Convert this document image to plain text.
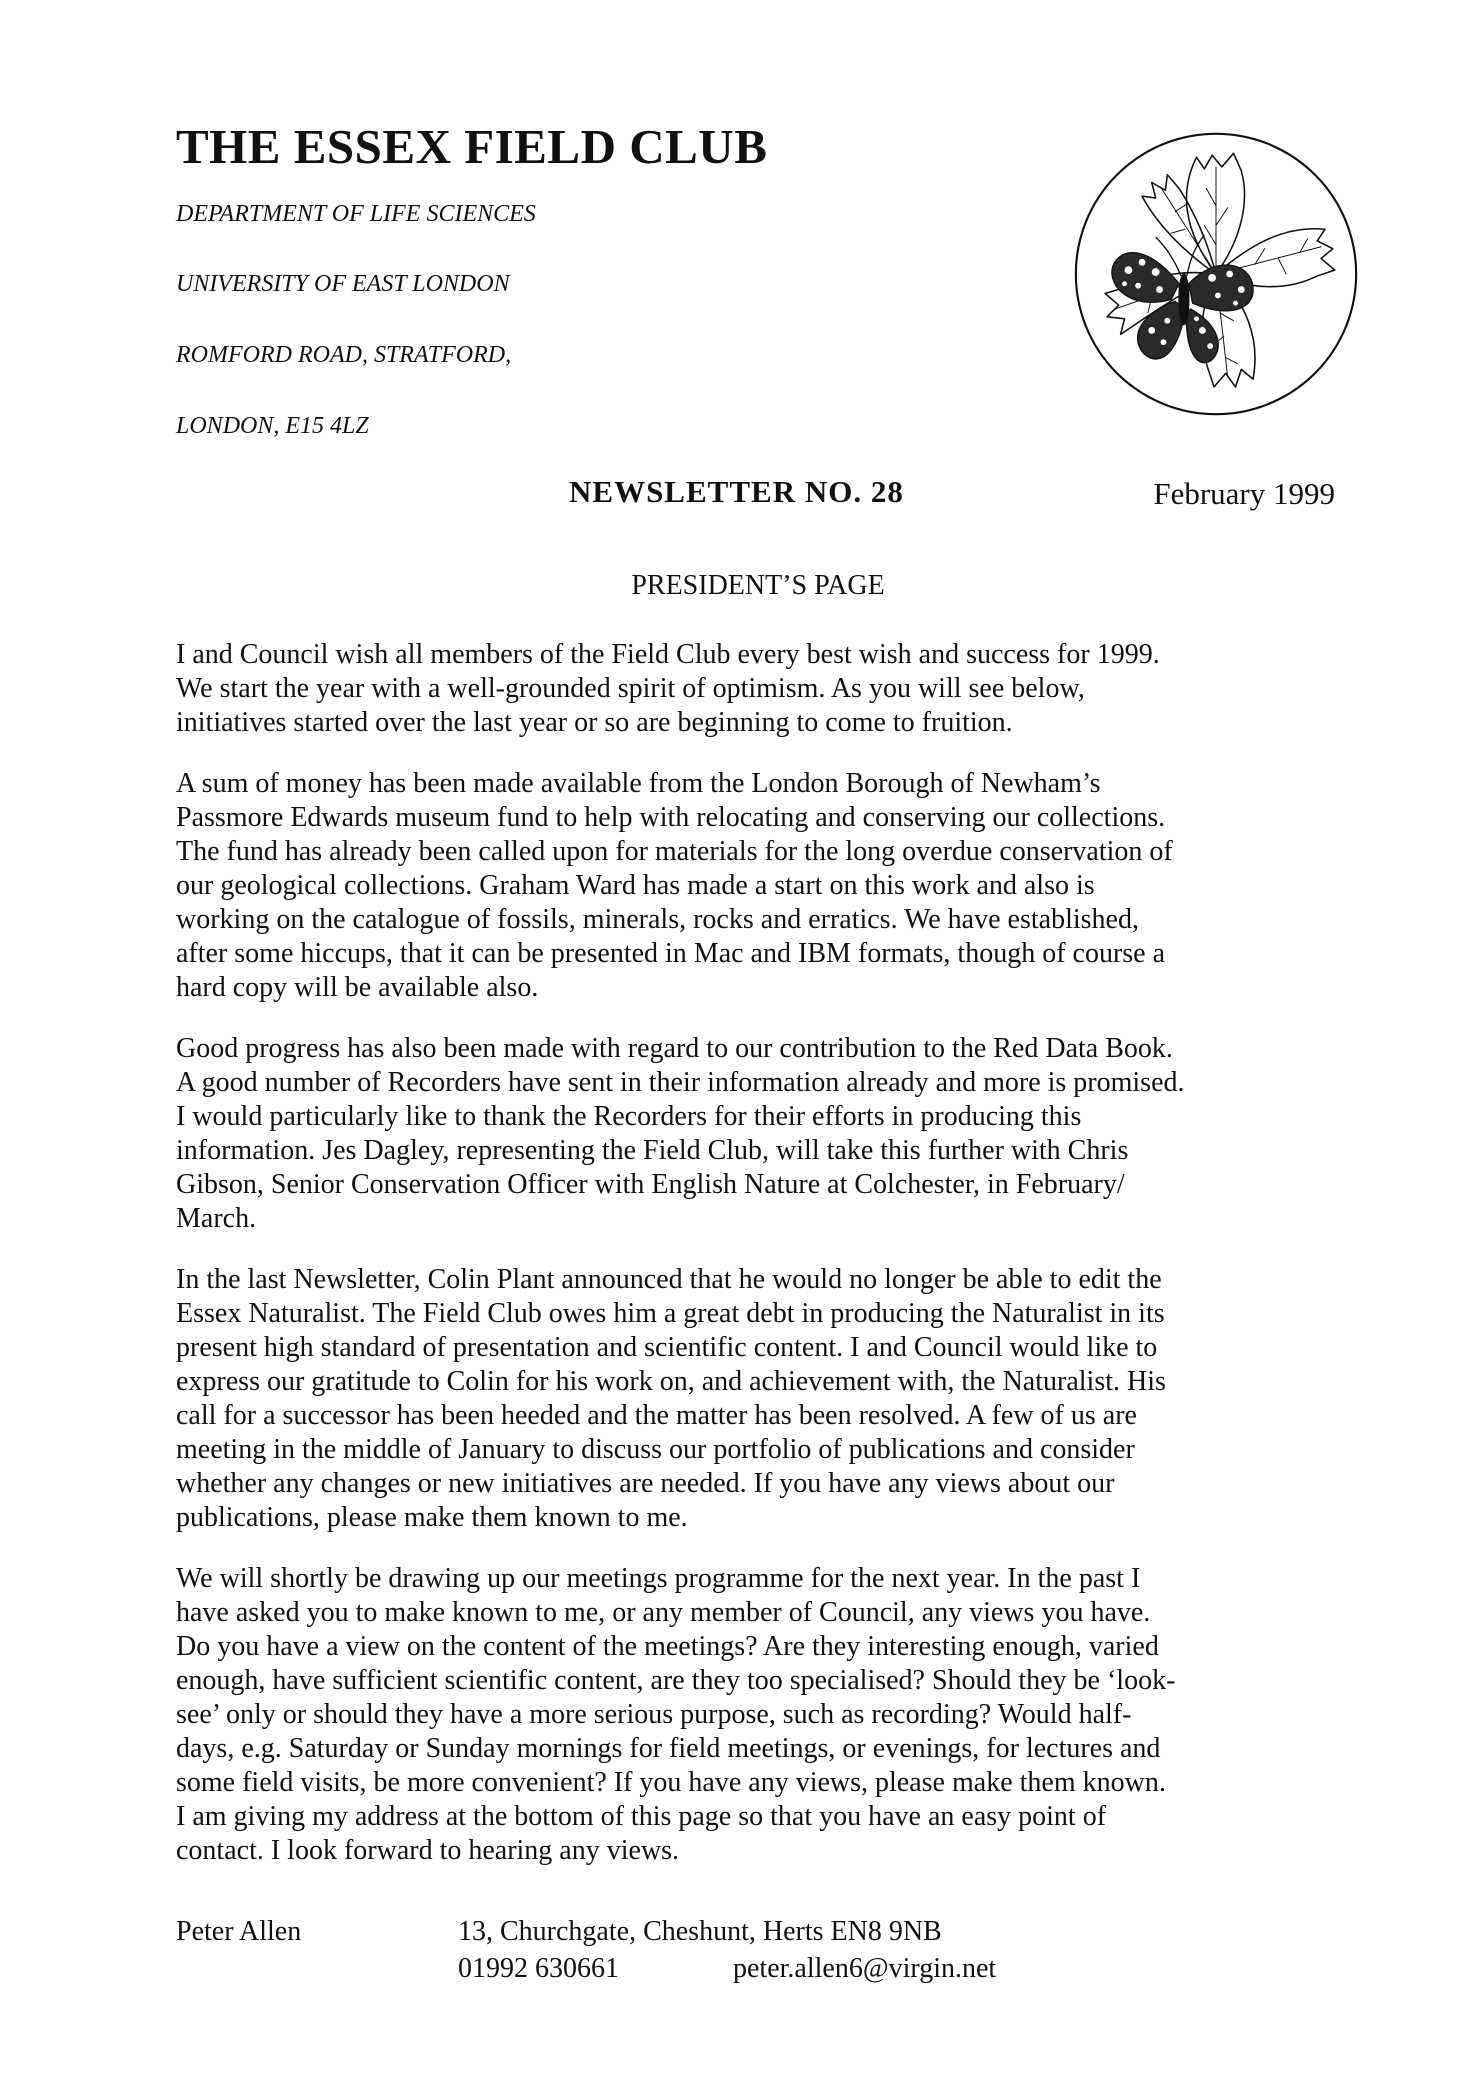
THE ESSEX FIELD CLUB
DEPARTMENT OF LIFE SCIENCES
UNIVERSITY OF EAST LONDON
ROMFORD ROAD, STRATFORD,
LONDON, E15 4LZ
NEWSLETTER NO. 28	February 1999
PRESIDENT’S PAGE

I and Council wish all members of the Field Club every best wish and success for 1999.
We start the year with a well-grounded spirit of optimism. As you will see below,
initiatives started over the last year or so are beginning to come to fruition.

A sum of money has been made available from the London Borough of Newham’s
Passmore Edwards museum fund to help with relocating and conserving our collections.
The fund has already been called upon for materials for the long overdue conservation of
our geological collections. Graham Ward has made a start on this work and also is
working on the catalogue of fossils, minerals, rocks and erratics. We have established,
after some hiccups, that it can be presented in Mac and IBM formats, though of course a
hard copy will be available also.

Good progress has also been made with regard to our contribution to the Red Data Book.
A good number of Recorders have sent in their information already and more is promised.
I would particularly like to thank the Recorders for their efforts in producing this
information. Jes Dagley, representing the Field Club, will take this further with Chris
Gibson, Senior Conservation Officer with English Nature at Colchester, in February/
March.

In the last Newsletter, Colin Plant announced that he would no longer be able to edit the
Essex Naturalist. The Field Club owes him a great debt in producing the Naturalist in its
present high standard of presentation and scientific content. I and Council would like to
express our gratitude to Colin for his work on, and achievement with, the Naturalist. His
call for a successor has been heeded and the matter has been resolved. A few of us are
meeting in the middle of January to discuss our portfolio of publications and consider
whether any changes or new initiatives are needed. If you have any views about our
publications, please make them known to me.

We will shortly be drawing up our meetings programme for the next year. In the past I
have asked you to make known to me, or any member of Council, any views you have.
Do you have a view on the content of the meetings? Are they interesting enough, varied
enough, have sufficient scientific content, are they too specialised? Should they be ‘look-
see’ only or should they have a more serious purpose, such as recording? Would half-
days, e.g. Saturday or Sunday mornings for field meetings, or evenings, for lectures and
some field visits, be more convenient? If you have any views, please make them known.
I am giving my address at the bottom of this page so that you have an easy point of
contact. I look forward to hearing any views.

Peter Allen	13, Churchgate, Cheshunt, Herts EN8 9NB
01992 630661	peter.allen6@virgin.net
